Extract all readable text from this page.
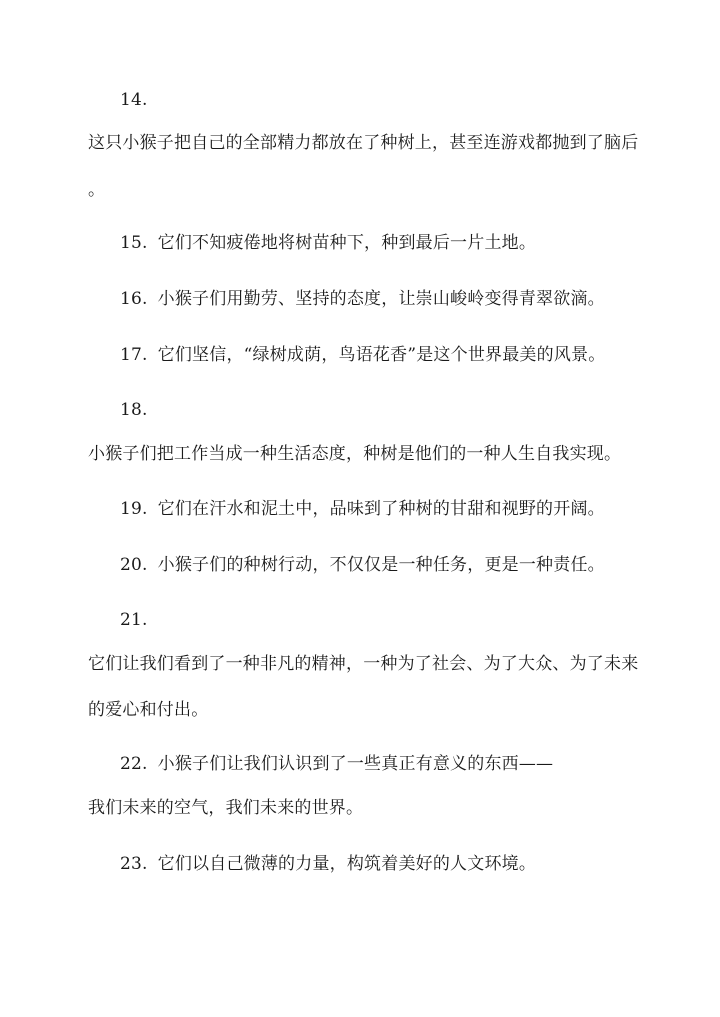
14.
这只小猴子把自己的全部精力都放在了种树上，甚至连游戏都抛到了脑后
。
15. 它们不知疲倦地将树苗种下，种到最后一片土地。
16. 小猴子们用勤劳、坚持的态度，让崇山峻岭变得青翠欲滴。
17. 它们坚信，“绿树成荫，鸟语花香”是这个世界最美的风景。
18.
小猴子们把工作当成一种生活态度，种树是他们的一种人生自我实现。
19. 它们在汗水和泥土中，品味到了种树的甘甜和视野的开阔。
20. 小猴子们的种树行动，不仅仅是一种任务，更是一种责任。
21.
它们让我们看到了一种非凡的精神，一种为了社会、为了大众、为了未来
的爱心和付出。
22. 小猴子们让我们认识到了一些真正有意义的东西——
我们未来的空气，我们未来的世界。
23. 它们以自己微薄的力量，构筑着美好的人文环境。
